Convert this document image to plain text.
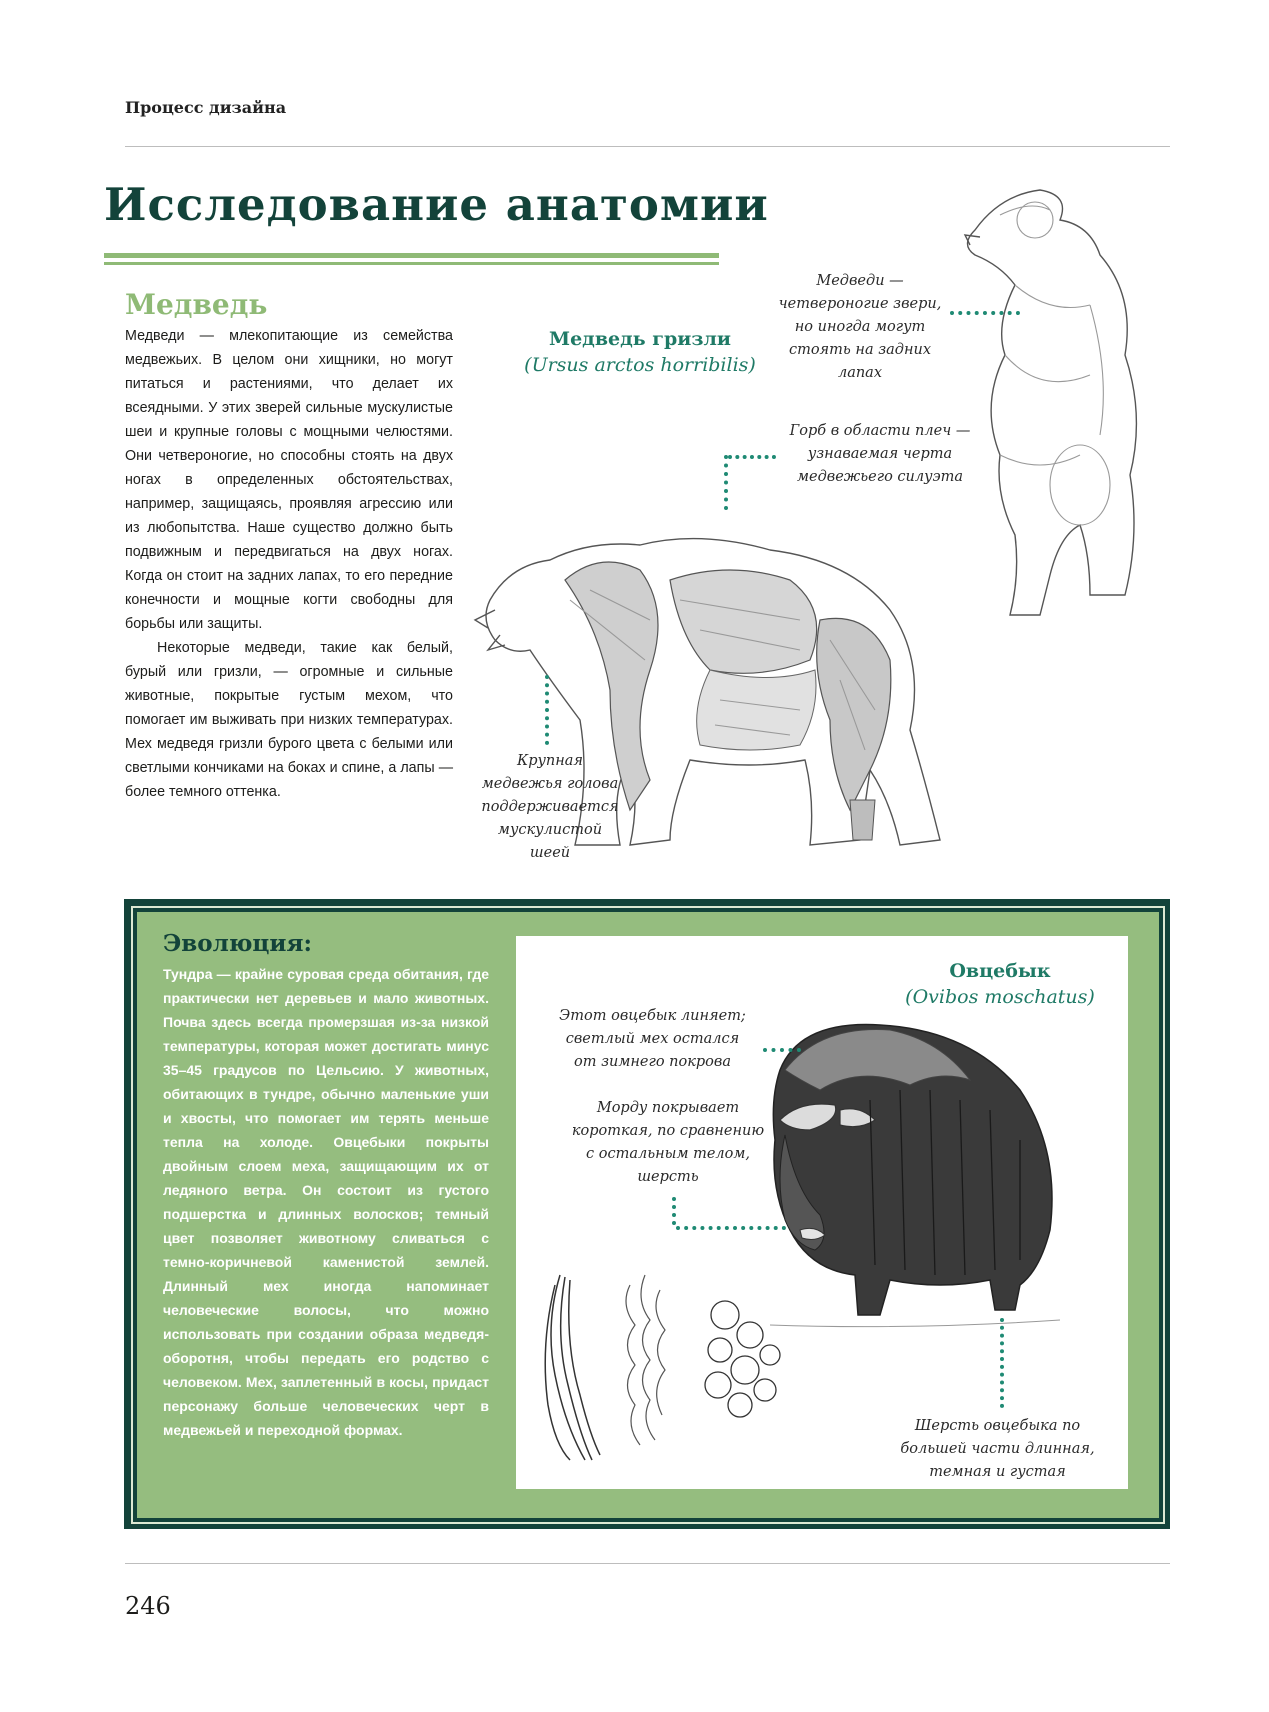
Процесс дизайна
Исследование анатомии
Медведь

Медведи — млекопитающие из семейства медвежьих. В целом они хищники, но могут питаться и растениями, что делает их всеядными. У этих зверей сильные мускулистые шеи и крупные головы с мощными челюстями. Они четвероногие, но способны стоять на двух ногах в определенных обстоятельствах, например, защищаясь, проявляя агрессию или из любопытства. Наше существо должно быть подвижным и передвигаться на двух ногах. Когда он стоит на задних лапах, то его передние конечности и мощные когти свободны для борьбы или защиты.

Некоторые медведи, такие как белый, бурый или гризли, — огромные и сильные животные, покрытые густым мехом, что помогает им выживать при низких температурах. Мех медведя гризли бурого цвета с белыми или светлыми кончиками на боках и спине, а лапы — более темного оттенка.

Медведь гризли
(Ursus arctos horribilis)
Медведи — четвероногие звери, но иногда могут стоять на задних лапах
Горб в области плеч — узнаваемая черта медвежьего силуэта
Крупная медвежья голова поддерживается мускулистой шеей
Эволюция:
Тундра — крайне суровая среда обитания, где практически нет деревьев и мало животных. Почва здесь всегда промерзшая из-за низкой температуры, которая может достигать минус 35–45 градусов по Цельсию. У животных, обитающих в тундре, обычно маленькие уши и хвосты, что помогает им терять меньше тепла на холоде. Овцебыки покрыты двойным слоем меха, защищающим их от ледяного ветра. Он состоит из густого подшерстка и длинных волосков; темный цвет позволяет животному сливаться с темно-коричневой каменистой землей. Длинный мех иногда напоминает человеческие волосы, что можно использовать при создании образа медведя-оборотня, чтобы передать его родство с человеком. Мех, заплетенный в косы, придаст персонажу больше человеческих черт в медвежьей и переходной формах.
Овцебык
(Ovibos moschatus)
Этот овцебык линяет; светлый мех остался от зимнего покрова
Морду покрывает короткая, по сравнению с остальным телом, шерсть
Шерсть овцебыка по большей части длинная, темная и густая
246
